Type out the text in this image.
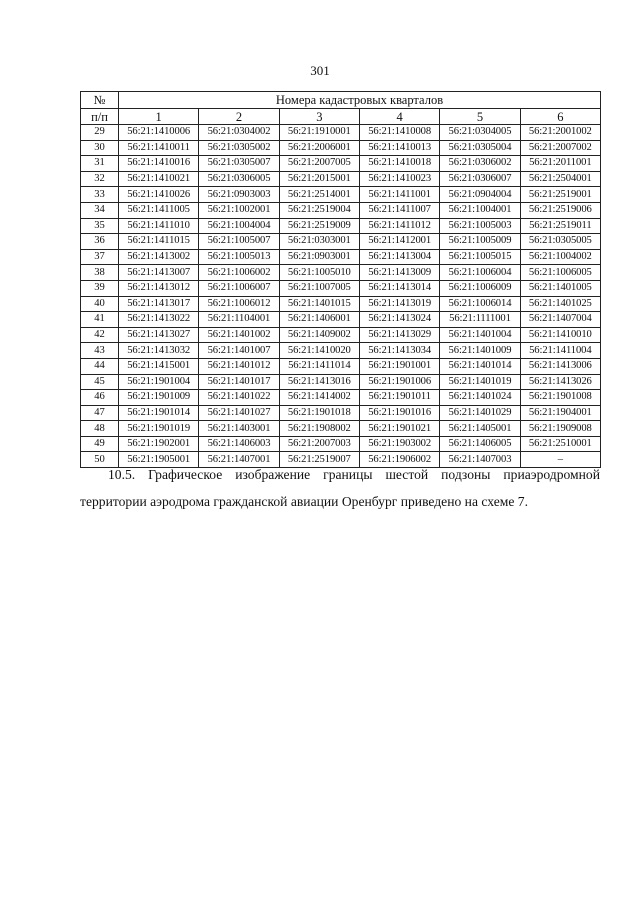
301
№	Номера кадастровых кварталов					
п/п	1	2	3	4	5	6
29	56:21:1410006	56:21:0304002	56:21:1910001	56:21:1410008	56:21:0304005	56:21:2001002
30	56:21:1410011	56:21:0305002	56:21:2006001	56:21:1410013	56:21:0305004	56:21:2007002
31	56:21:1410016	56:21:0305007	56:21:2007005	56:21:1410018	56:21:0306002	56:21:2011001
32	56:21:1410021	56:21:0306005	56:21:2015001	56:21:1410023	56:21:0306007	56:21:2504001
33	56:21:1410026	56:21:0903003	56:21:2514001	56:21:1411001	56:21:0904004	56:21:2519001
34	56:21:1411005	56:21:1002001	56:21:2519004	56:21:1411007	56:21:1004001	56:21:2519006
35	56:21:1411010	56:21:1004004	56:21:2519009	56:21:1411012	56:21:1005003	56:21:2519011
36	56:21:1411015	56:21:1005007	56:21:0303001	56:21:1412001	56:21:1005009	56:21:0305005
37	56:21:1413002	56:21:1005013	56:21:0903001	56:21:1413004	56:21:1005015	56:21:1004002
38	56:21:1413007	56:21:1006002	56:21:1005010	56:21:1413009	56:21:1006004	56:21:1006005
39	56:21:1413012	56:21:1006007	56:21:1007005	56:21:1413014	56:21:1006009	56:21:1401005
40	56:21:1413017	56:21:1006012	56:21:1401015	56:21:1413019	56:21:1006014	56:21:1401025
41	56:21:1413022	56:21:1104001	56:21:1406001	56:21:1413024	56:21:1111001	56:21:1407004
42	56:21:1413027	56:21:1401002	56:21:1409002	56:21:1413029	56:21:1401004	56:21:1410010
43	56:21:1413032	56:21:1401007	56:21:1410020	56:21:1413034	56:21:1401009	56:21:1411004
44	56:21:1415001	56:21:1401012	56:21:1411014	56:21:1901001	56:21:1401014	56:21:1413006
45	56:21:1901004	56:21:1401017	56:21:1413016	56:21:1901006	56:21:1401019	56:21:1413026
46	56:21:1901009	56:21:1401022	56:21:1414002	56:21:1901011	56:21:1401024	56:21:1901008
47	56:21:1901014	56:21:1401027	56:21:1901018	56:21:1901016	56:21:1401029	56:21:1904001
48	56:21:1901019	56:21:1403001	56:21:1908002	56:21:1901021	56:21:1405001	56:21:1909008
49	56:21:1902001	56:21:1406003	56:21:2007003	56:21:1903002	56:21:1406005	56:21:2510001
50	56:21:1905001	56:21:1407001	56:21:2519007	56:21:1906002	56:21:1407003	–

10.5. Графическое изображение границы шестой подзоны приаэродромной территории аэродрома гражданской авиации Оренбург приведено на схеме 7.
